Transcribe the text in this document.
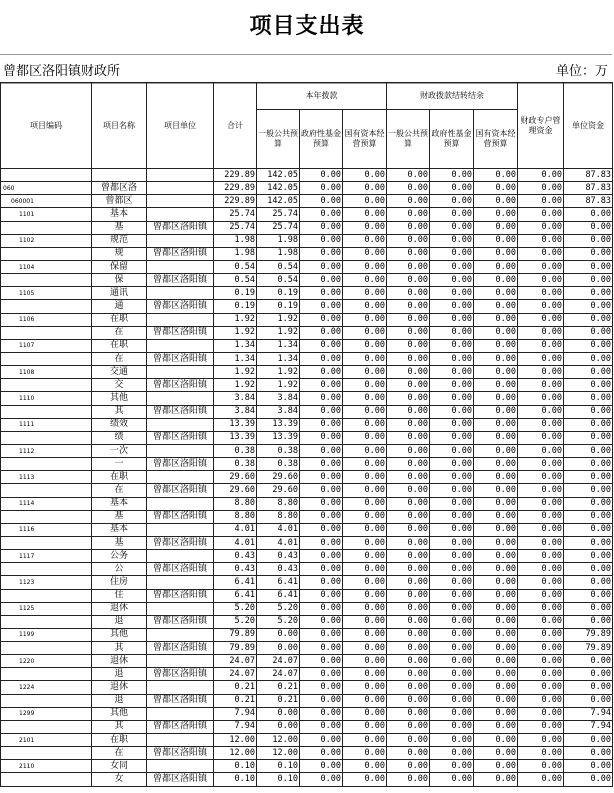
项目支出表
曾都区洛阳镇财政所	单位：万
项目编码	项目名称	项目单位	合计	本年拨款			财政拨款结转结余			财政专户管理资金	单位资金
				一般公共预算	政府性基金预算	国有资本经营预算	一般公共预算	政府性基金预算	国有资本经营预算		
			229.89	142.05	0.00	0.00	0.00	0.00	0.00	0.00	87.83
060	曾都区洛		229.89	142.05	0.00	0.00	0.00	0.00	0.00	0.00	87.83
060001	曾都区		229.89	142.05	0.00	0.00	0.00	0.00	0.00	0.00	87.83
1101	基本		25.74	25.74	0.00	0.00	0.00	0.00	0.00	0.00	0.00
	基	曾都区洛阳镇	25.74	25.74	0.00	0.00	0.00	0.00	0.00	0.00	0.00
1102	规范		1.98	1.98	0.00	0.00	0.00	0.00	0.00	0.00	0.00
	规	曾都区洛阳镇	1.98	1.98	0.00	0.00	0.00	0.00	0.00	0.00	0.00
1104	保留		0.54	0.54	0.00	0.00	0.00	0.00	0.00	0.00	0.00
	保	曾都区洛阳镇	0.54	0.54	0.00	0.00	0.00	0.00	0.00	0.00	0.00
1105	通讯		0.19	0.19	0.00	0.00	0.00	0.00	0.00	0.00	0.00
	通	曾都区洛阳镇	0.19	0.19	0.00	0.00	0.00	0.00	0.00	0.00	0.00
1106	在职		1.92	1.92	0.00	0.00	0.00	0.00	0.00	0.00	0.00
	在	曾都区洛阳镇	1.92	1.92	0.00	0.00	0.00	0.00	0.00	0.00	0.00
1107	在职		1.34	1.34	0.00	0.00	0.00	0.00	0.00	0.00	0.00
	在	曾都区洛阳镇	1.34	1.34	0.00	0.00	0.00	0.00	0.00	0.00	0.00
1108	交通		1.92	1.92	0.00	0.00	0.00	0.00	0.00	0.00	0.00
	交	曾都区洛阳镇	1.92	1.92	0.00	0.00	0.00	0.00	0.00	0.00	0.00
1110	其他		3.84	3.84	0.00	0.00	0.00	0.00	0.00	0.00	0.00
	其	曾都区洛阳镇	3.84	3.84	0.00	0.00	0.00	0.00	0.00	0.00	0.00
1111	绩效		13.39	13.39	0.00	0.00	0.00	0.00	0.00	0.00	0.00
	绩	曾都区洛阳镇	13.39	13.39	0.00	0.00	0.00	0.00	0.00	0.00	0.00
1112	一次		0.38	0.38	0.00	0.00	0.00	0.00	0.00	0.00	0.00
	一	曾都区洛阳镇	0.38	0.38	0.00	0.00	0.00	0.00	0.00	0.00	0.00
1113	在职		29.60	29.60	0.00	0.00	0.00	0.00	0.00	0.00	0.00
	在	曾都区洛阳镇	29.60	29.60	0.00	0.00	0.00	0.00	0.00	0.00	0.00
1114	基本		8.80	8.80	0.00	0.00	0.00	0.00	0.00	0.00	0.00
	基	曾都区洛阳镇	8.80	8.80	0.00	0.00	0.00	0.00	0.00	0.00	0.00
1116	基本		4.01	4.01	0.00	0.00	0.00	0.00	0.00	0.00	0.00
	基	曾都区洛阳镇	4.01	4.01	0.00	0.00	0.00	0.00	0.00	0.00	0.00
1117	公务		0.43	0.43	0.00	0.00	0.00	0.00	0.00	0.00	0.00
	公	曾都区洛阳镇	0.43	0.43	0.00	0.00	0.00	0.00	0.00	0.00	0.00
1123	住房		6.41	6.41	0.00	0.00	0.00	0.00	0.00	0.00	0.00
	住	曾都区洛阳镇	6.41	6.41	0.00	0.00	0.00	0.00	0.00	0.00	0.00
1125	退休		5.20	5.20	0.00	0.00	0.00	0.00	0.00	0.00	0.00
	退	曾都区洛阳镇	5.20	5.20	0.00	0.00	0.00	0.00	0.00	0.00	0.00
1199	其他		79.89	0.00	0.00	0.00	0.00	0.00	0.00	0.00	79.89
	其	曾都区洛阳镇	79.89	0.00	0.00	0.00	0.00	0.00	0.00	0.00	79.89
1220	退休		24.07	24.07	0.00	0.00	0.00	0.00	0.00	0.00	0.00
	退	曾都区洛阳镇	24.07	24.07	0.00	0.00	0.00	0.00	0.00	0.00	0.00
1224	退休		0.21	0.21	0.00	0.00	0.00	0.00	0.00	0.00	0.00
	退	曾都区洛阳镇	0.21	0.21	0.00	0.00	0.00	0.00	0.00	0.00	0.00
1299	其他		7.94	0.00	0.00	0.00	0.00	0.00	0.00	0.00	7.94
	其	曾都区洛阳镇	7.94	0.00	0.00	0.00	0.00	0.00	0.00	0.00	7.94
2101	在职		12.00	12.00	0.00	0.00	0.00	0.00	0.00	0.00	0.00
	在	曾都区洛阳镇	12.00	12.00	0.00	0.00	0.00	0.00	0.00	0.00	0.00
2110	女同		0.10	0.10	0.00	0.00	0.00	0.00	0.00	0.00	0.00
	女	曾都区洛阳镇	0.10	0.10	0.00	0.00	0.00	0.00	0.00	0.00	0.00
